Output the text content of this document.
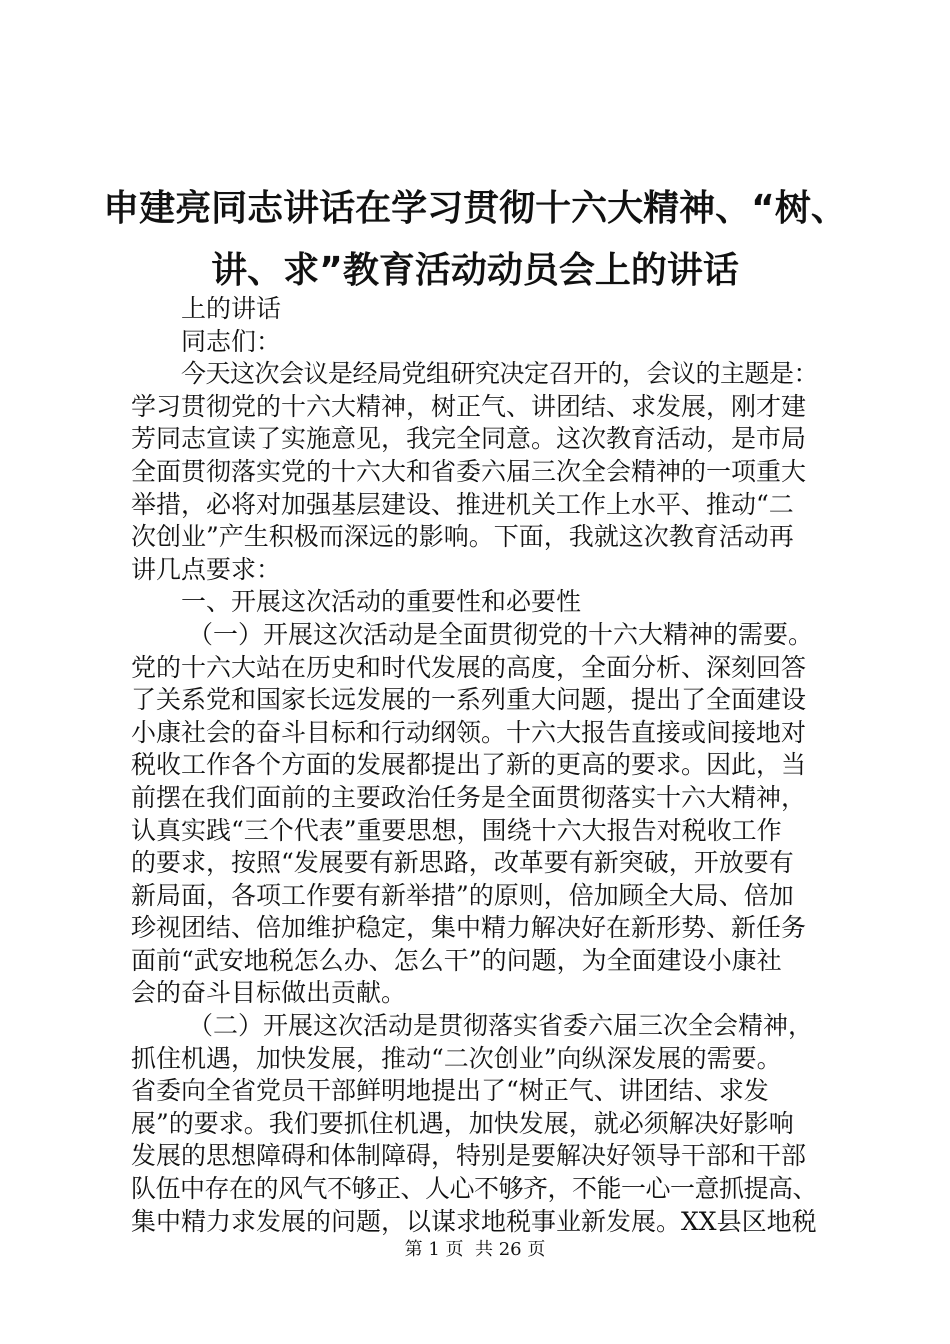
申建亮同志讲话在学习贯彻十六大精神、“树、
讲、求”教育活动动员会上的讲话
上的讲话
同志们：
今天这次会议是经局党组研究决定召开的，会议的主题是：
学习贯彻党的十六大精神，树正气、讲团结、求发展，刚才建
芳同志宣读了实施意见，我完全同意。这次教育活动，是市局
全面贯彻落实党的十六大和省委六届三次全会精神的一项重大
举措，必将对加强基层建设、推进机关工作上水平、推动“二
次创业”产生积极而深远的影响。下面，我就这次教育活动再
讲几点要求：
一、开展这次活动的重要性和必要性
（一）开展这次活动是全面贯彻党的十六大精神的需要。
党的十六大站在历史和时代发展的高度，全面分析、深刻回答
了关系党和国家长远发展的一系列重大问题，提出了全面建设
小康社会的奋斗目标和行动纲领。十六大报告直接或间接地对
税收工作各个方面的发展都提出了新的更高的要求。因此，当
前摆在我们面前的主要政治任务是全面贯彻落实十六大精神，
认真实践“三个代表”重要思想，围绕十六大报告对税收工作
的要求，按照“发展要有新思路，改革要有新突破，开放要有
新局面，各项工作要有新举措”的原则，倍加顾全大局、倍加
珍视团结、倍加维护稳定，集中精力解决好在新形势、新任务
面前“武安地税怎么办、怎么干”的问题，为全面建设小康社
会的奋斗目标做出贡献。
（二）开展这次活动是贯彻落实省委六届三次全会精神，
抓住机遇，加快发展，推动“二次创业”向纵深发展的需要。
省委向全省党员干部鲜明地提出了“树正气、讲团结、求发
展”的要求。我们要抓住机遇，加快发展，就必须解决好影响
发展的思想障碍和体制障碍，特别是要解决好领导干部和干部
队伍中存在的风气不够正、人心不够齐，不能一心一意抓提高、
集中精力求发展的问题，以谋求地税事业新发展。XX县区地税
第 1 页  共 26 页
